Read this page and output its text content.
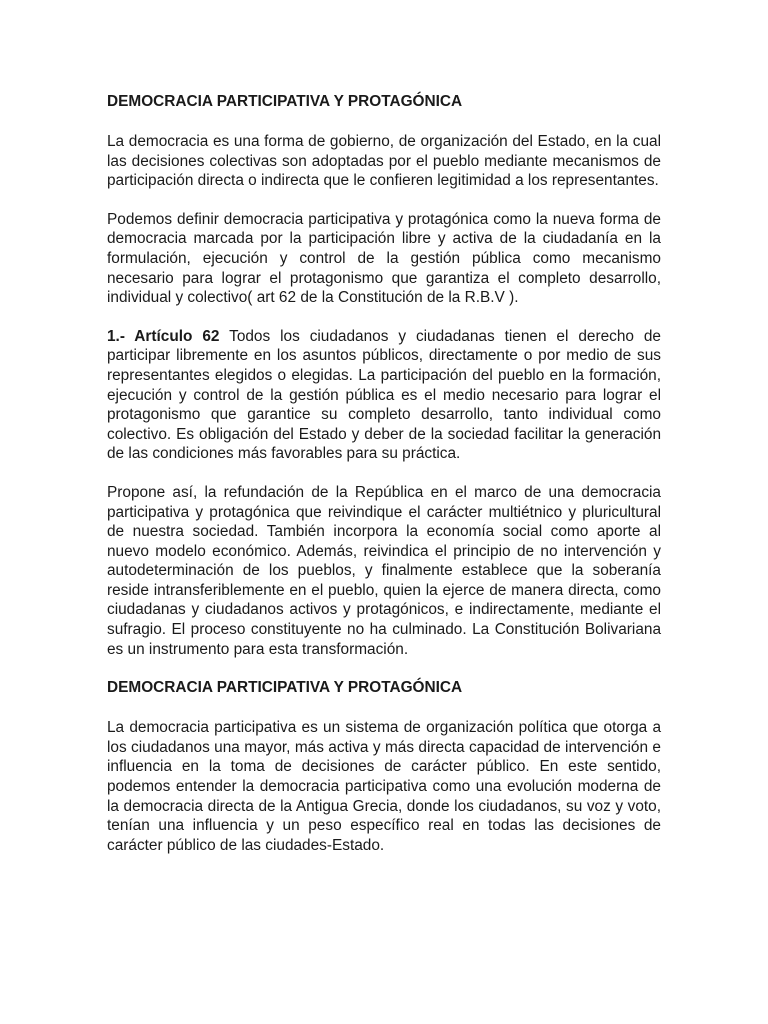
DEMOCRACIA PARTICIPATIVA Y PROTAGÓNICA

La democracia es una forma de gobierno, de organización del Estado, en la cual las decisiones colectivas son adoptadas por el pueblo mediante mecanismos de participación directa o indirecta que le confieren legitimidad a los representantes.

Podemos definir democracia participativa y protagónica como la nueva forma de democracia marcada por la participación libre y activa de la ciudadanía en la formulación, ejecución y control de la gestión pública como mecanismo necesario para lograr el protagonismo que garantiza el completo desarrollo, individual y colectivo( art 62 de la Constitución de la R.B.V ).

1.- Artículo 62 Todos los ciudadanos y ciudadanas tienen el derecho de participar libremente en los asuntos públicos, directamente o por medio de sus representantes elegidos o elegidas. La participación del pueblo en la formación, ejecución y control de la gestión pública es el medio necesario para lograr el protagonismo que garantice su completo desarrollo, tanto individual como colectivo. Es obligación del Estado y deber de la sociedad facilitar la generación de las condiciones más favorables para su práctica.

Propone así, la refundación de la República en el marco de una democracia participativa y protagónica que reivindique el carácter multiétnico y pluricultural de nuestra sociedad. También incorpora la economía social como aporte al nuevo modelo económico. Además, reivindica el principio de no intervención y autodeterminación de los pueblos, y finalmente establece que la soberanía reside intransferiblemente en el pueblo, quien la ejerce de manera directa, como ciudadanas y ciudadanos activos y protagónicos, e indirectamente, mediante el sufragio. El proceso constituyente no ha culminado. La Constitución Bolivariana es un instrumento para esta transformación.

DEMOCRACIA PARTICIPATIVA Y PROTAGÓNICA

La democracia participativa es un sistema de organización política que otorga a los ciudadanos una mayor, más activa y más directa capacidad de intervención e influencia en la toma de decisiones de carácter público. En este sentido, podemos entender la democracia participativa como una evolución moderna de la democracia directa de la Antigua Grecia, donde los ciudadanos, su voz y voto, tenían una influencia y un peso específico real en todas las decisiones de carácter público de las ciudades-Estado.
